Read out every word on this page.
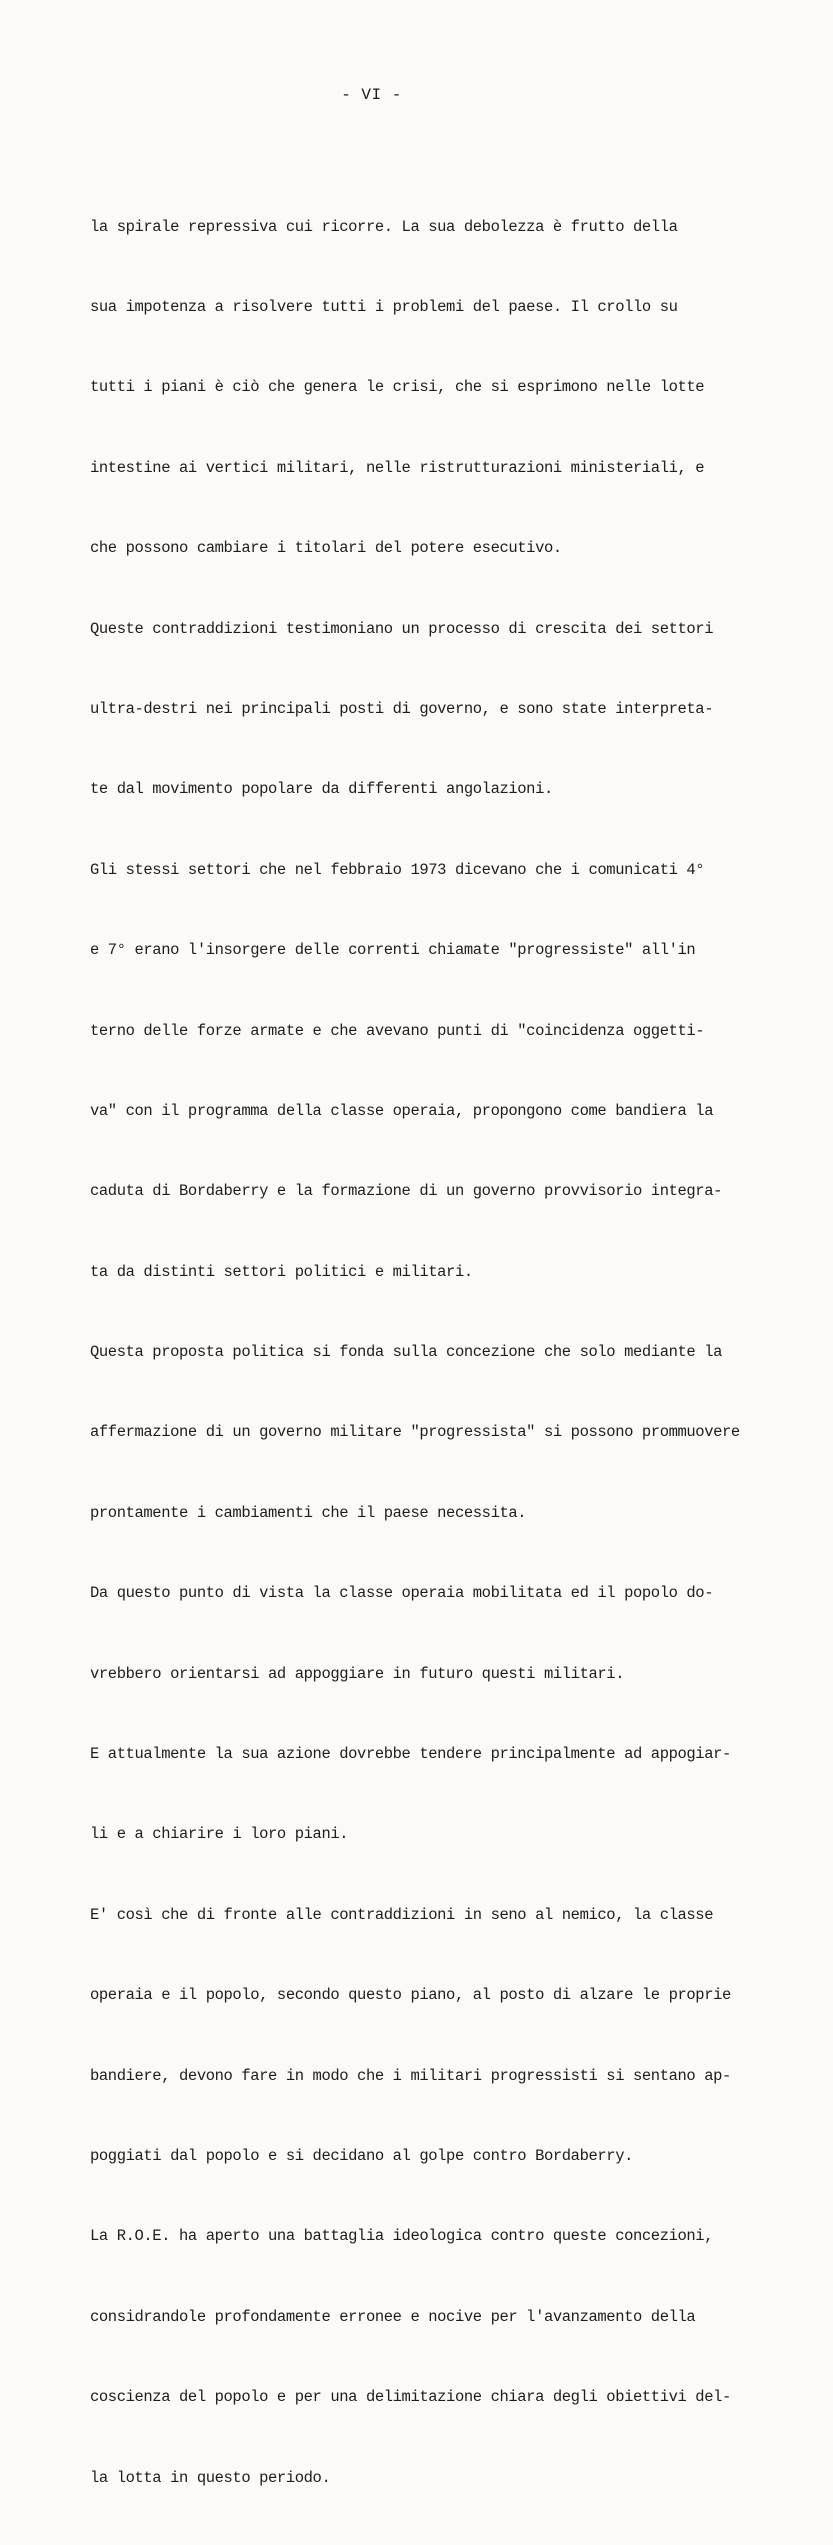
- VI -

la spirale repressiva cui ricorre. La sua debolezza è frutto della

sua impotenza a risolvere tutti i problemi del paese. Il crollo su

tutti i piani è ciò che genera le crisi, che si esprimono nelle lotte

intestine ai vertici militari, nelle ristrutturazioni ministeriali, e

che possono cambiare i titolari del potere esecutivo.

Queste contraddizioni testimoniano un processo di crescita dei settori

ultra-destri nei principali posti di governo, e sono state interpreta-

te dal movimento popolare da differenti angolazioni.

Gli stessi settori che nel febbraio 1973 dicevano che i comunicati 4°

e 7° erano l'insorgere delle correnti chiamate "progressiste" all'in

terno delle forze armate e che avevano punti di "coincidenza oggetti-

va" con il programma della classe operaia, propongono come bandiera la

caduta di Bordaberry e la formazione di un governo provvisorio integra-

ta da distinti settori politici e militari.

Questa proposta politica si fonda sulla concezione che solo mediante la

affermazione di un governo militare "progressista" si possono prommuovere

prontamente i cambiamenti che il paese necessita.

Da questo punto di vista la classe operaia mobilitata ed il popolo do-

vrebbero orientarsi ad appoggiare in futuro questi militari.

E attualmente la sua azione dovrebbe tendere principalmente ad appogiar-

li e a chiarire i loro piani.

E' così che di fronte alle contraddizioni in seno al nemico, la classe

operaia e il popolo, secondo questo piano, al posto di alzare le proprie

bandiere, devono fare in modo che i militari progressisti si sentano ap-

poggiati dal popolo e si decidano al golpe contro Bordaberry.

La R.O.E. ha aperto una battaglia ideologica contro queste concezioni,

considrandole profondamente erronee e nocive per l'avanzamento della

coscienza del popolo e per una delimitazione chiara degli obiettivi del-

la lotta in questo periodo.
